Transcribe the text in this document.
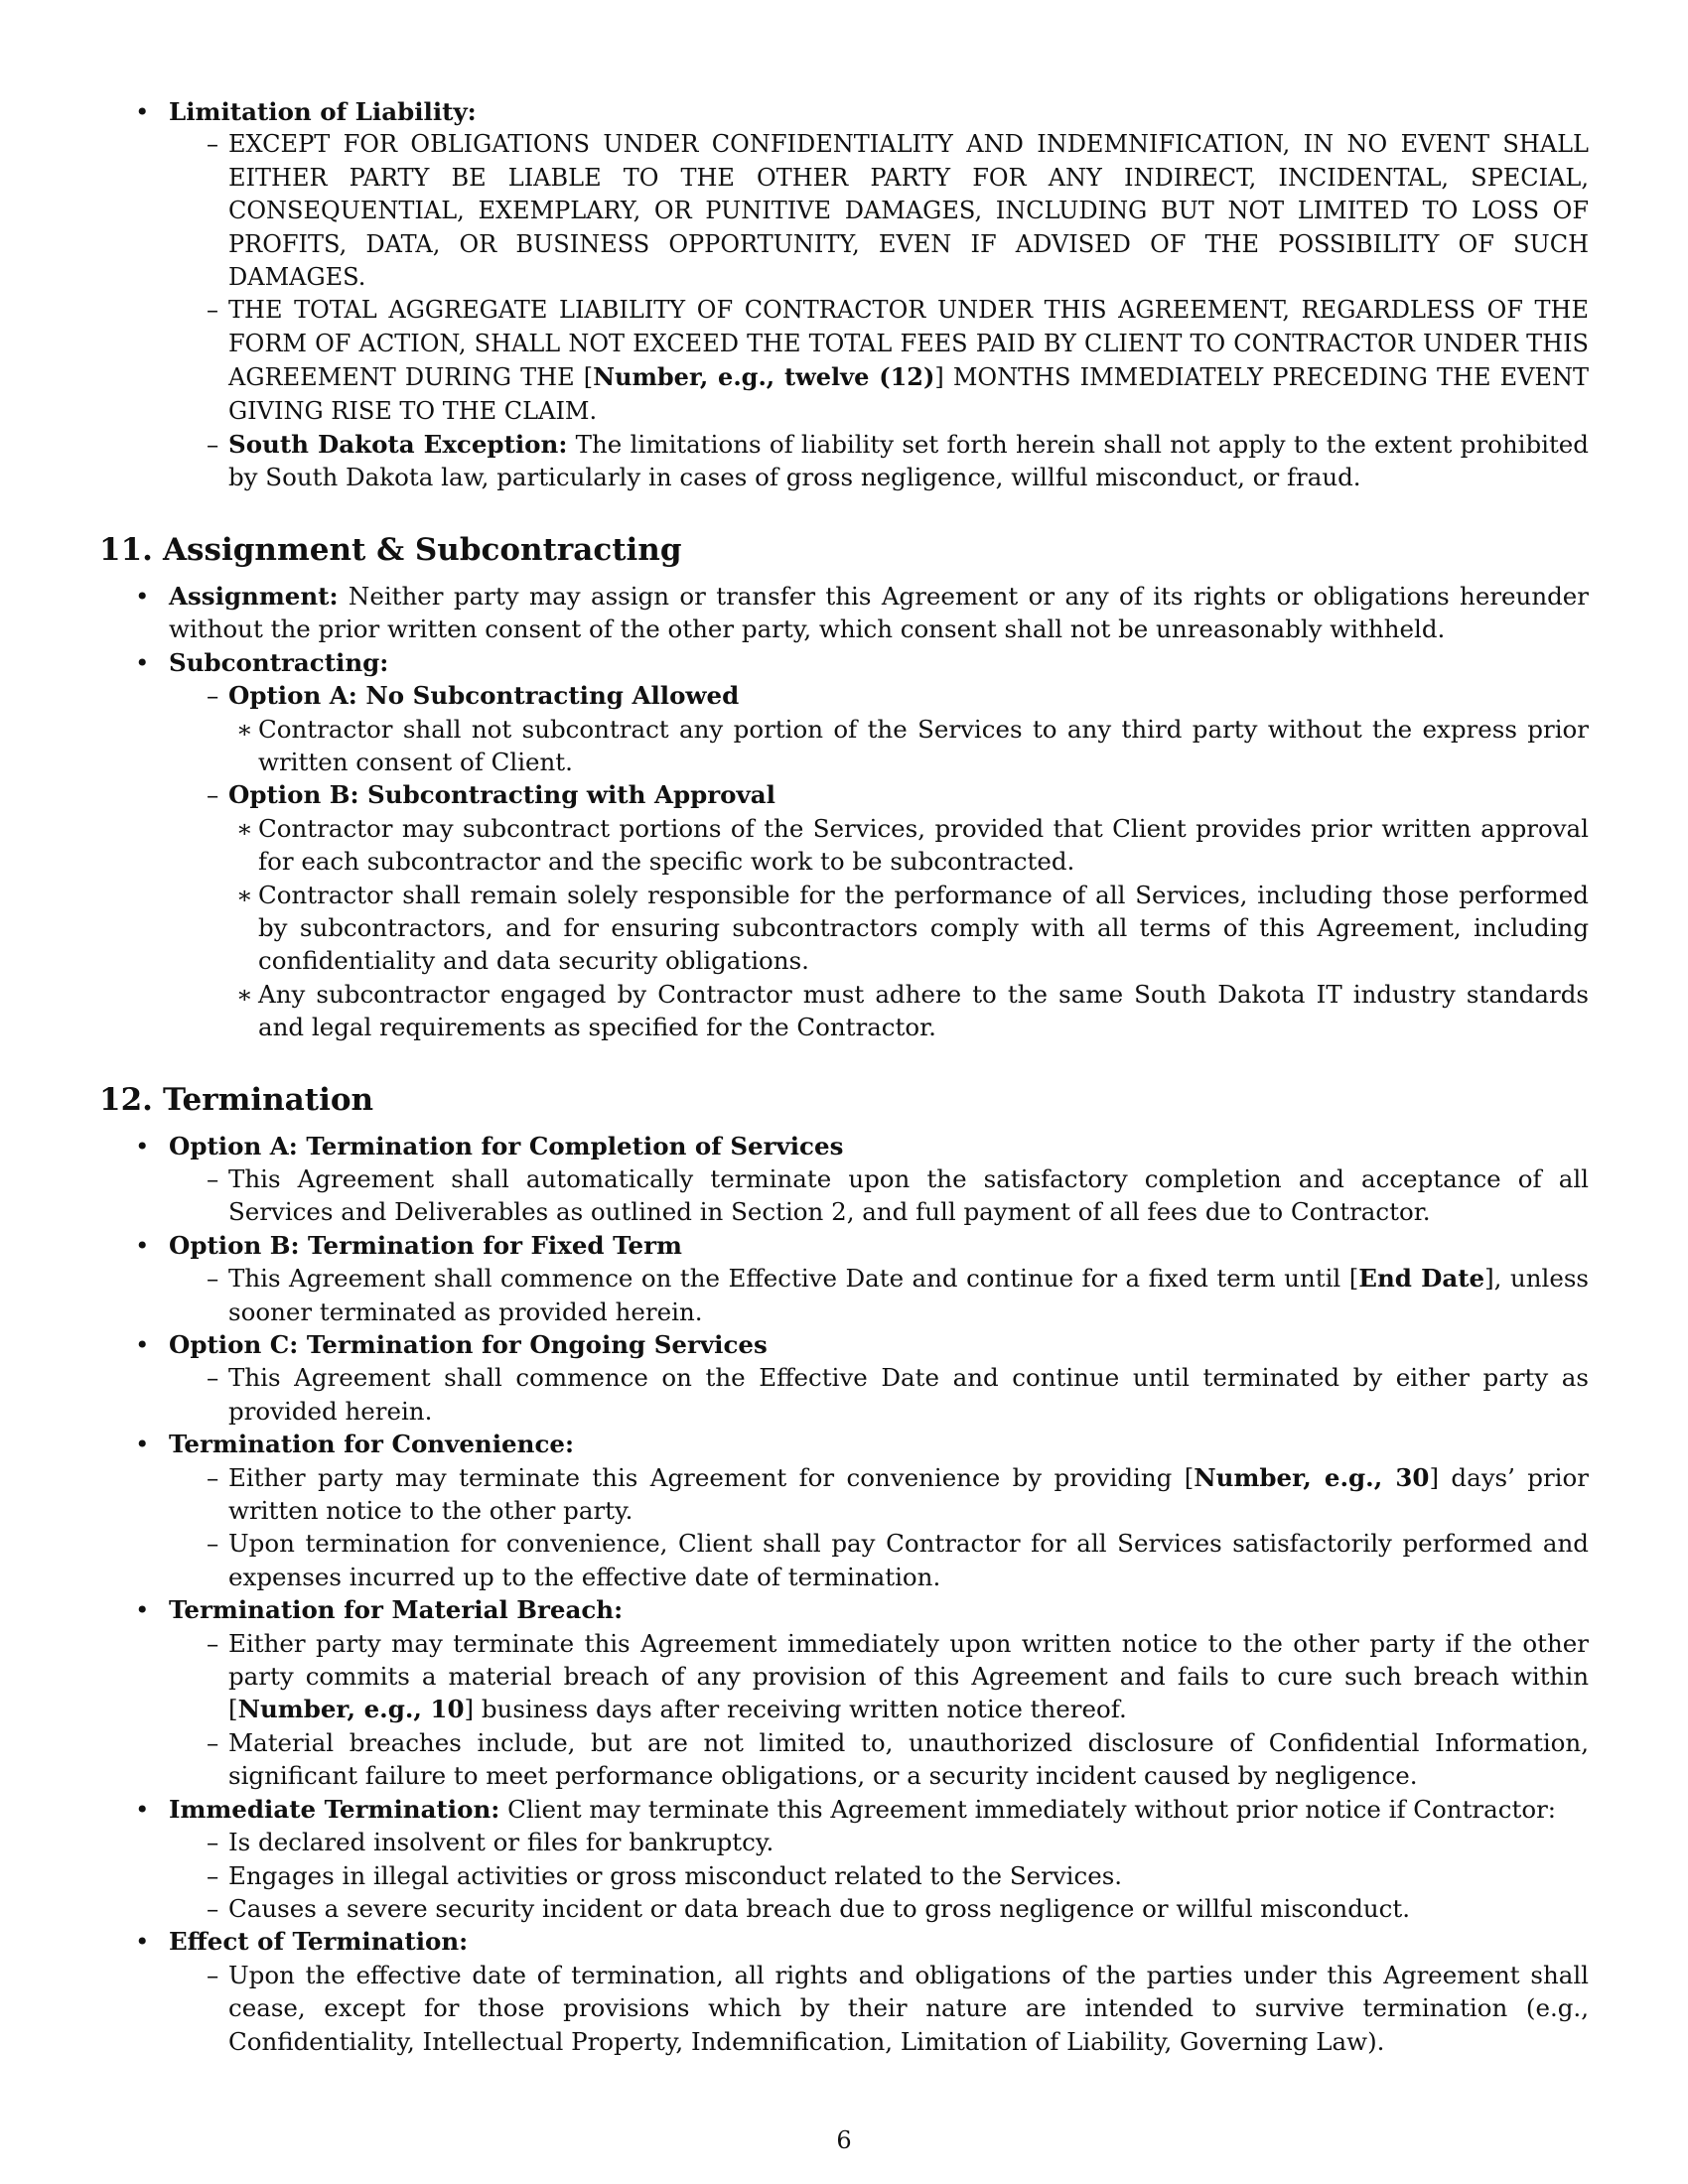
• Limitation of Liability:
– EXCEPT FOR OBLIGATIONS UNDER CONFIDENTIALITY AND INDEMNIFICATION, IN NO EVENT SHALL EITHER PARTY BE LIABLE TO THE OTHER PARTY FOR ANY INDIRECT, INCIDENTAL, SPECIAL, CONSEQUENTIAL, EXEMPLARY, OR PUNITIVE DAMAGES, INCLUDING BUT NOT LIMITED TO LOSS OF PROFITS, DATA, OR BUSINESS OPPORTUNITY, EVEN IF ADVISED OF THE POSSIBILITY OF SUCH DAMAGES.
– THE TOTAL AGGREGATE LIABILITY OF CONTRACTOR UNDER THIS AGREEMENT, REGARDLESS OF THE FORM OF ACTION, SHALL NOT EXCEED THE TOTAL FEES PAID BY CLIENT TO CONTRACTOR UNDER THIS AGREEMENT DURING THE [Number, e.g., twelve (12)] MONTHS IMMEDIATELY PRECEDING THE EVENT GIVING RISE TO THE CLAIM.
– South Dakota Exception: The limitations of liability set forth herein shall not apply to the extent prohibited by South Dakota law, particularly in cases of gross negligence, willful misconduct, or fraud.
11. Assignment & Subcontracting
• Assignment: Neither party may assign or transfer this Agreement or any of its rights or obligations hereunder without the prior written consent of the other party, which consent shall not be unreasonably withheld.
• Subcontracting:
– Option A: No Subcontracting Allowed
∗ Contractor shall not subcontract any portion of the Services to any third party without the express prior written consent of Client.
– Option B: Subcontracting with Approval
∗ Contractor may subcontract portions of the Services, provided that Client provides prior written approval for each subcontractor and the specific work to be subcontracted.
∗ Contractor shall remain solely responsible for the performance of all Services, including those performed by subcontractors, and for ensuring subcontractors comply with all terms of this Agreement, including confidentiality and data security obligations.
∗ Any subcontractor engaged by Contractor must adhere to the same South Dakota IT industry standards and legal requirements as specified for the Contractor.
12. Termination
• Option A: Termination for Completion of Services
– This Agreement shall automatically terminate upon the satisfactory completion and acceptance of all Services and Deliverables as outlined in Section 2, and full payment of all fees due to Contractor.
• Option B: Termination for Fixed Term
– This Agreement shall commence on the Effective Date and continue for a fixed term until [End Date], unless sooner terminated as provided herein.
• Option C: Termination for Ongoing Services
– This Agreement shall commence on the Effective Date and continue until terminated by either party as provided herein.
• Termination for Convenience:
– Either party may terminate this Agreement for convenience by providing [Number, e.g., 30] days’ prior written notice to the other party.
– Upon termination for convenience, Client shall pay Contractor for all Services satisfactorily performed and expenses incurred up to the effective date of termination.
• Termination for Material Breach:
– Either party may terminate this Agreement immediately upon written notice to the other party if the other party commits a material breach of any provision of this Agreement and fails to cure such breach within [Number, e.g., 10] business days after receiving written notice thereof.
– Material breaches include, but are not limited to, unauthorized disclosure of Confidential Information, significant failure to meet performance obligations, or a security incident caused by negligence.
• Immediate Termination: Client may terminate this Agreement immediately without prior notice if Contractor:
– Is declared insolvent or files for bankruptcy.
– Engages in illegal activities or gross misconduct related to the Services.
– Causes a severe security incident or data breach due to gross negligence or willful misconduct.
• Effect of Termination:
– Upon the effective date of termination, all rights and obligations of the parties under this Agreement shall cease, except for those provisions which by their nature are intended to survive termination (e.g., Confidentiality, Intellectual Property, Indemnification, Limitation of Liability, Governing Law).
6
